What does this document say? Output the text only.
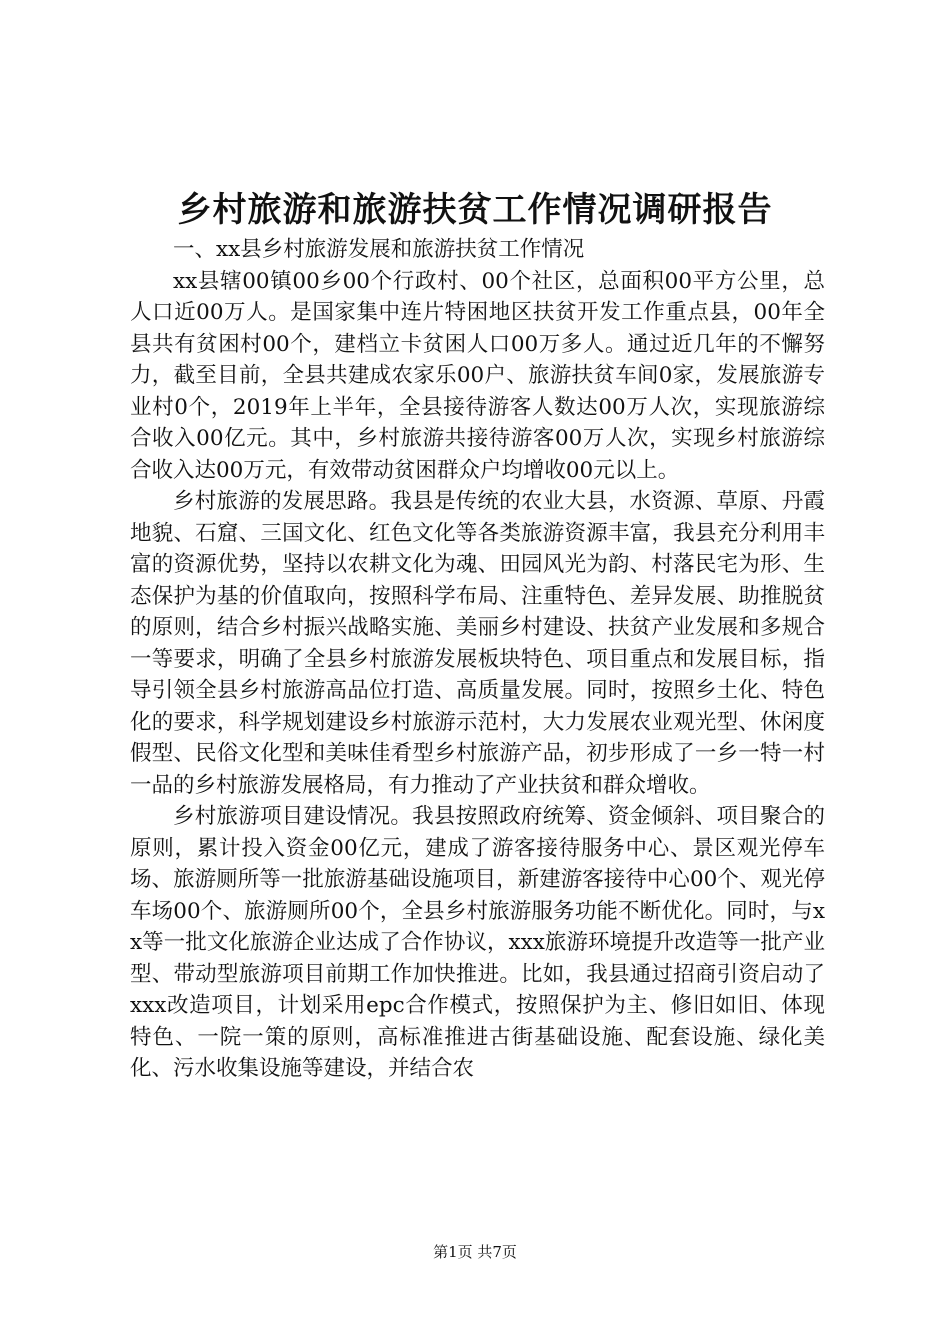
乡村旅游和旅游扶贫工作情况调研报告

一、xx县乡村旅游发展和旅游扶贫工作情况

xx县辖00镇00乡00个行政村、00个社区，总面积00平方公里，总人口近00万人。是国家集中连片特困地区扶贫开发工作重点县，00年全县共有贫困村00个，建档立卡贫困人口00万多人。通过近几年的不懈努力，截至目前，全县共建成农家乐00户、旅游扶贫车间0家，发展旅游专业村0个，2019年上半年，全县接待游客人数达00万人次，实现旅游综合收入00亿元。其中，乡村旅游共接待游客00万人次，实现乡村旅游综合收入达00万元，有效带动贫困群众户均增收00元以上。

乡村旅游的发展思路。我县是传统的农业大县，水资源、草原、丹霞地貌、石窟、三国文化、红色文化等各类旅游资源丰富，我县充分利用丰富的资源优势，坚持以农耕文化为魂、田园风光为韵、村落民宅为形、生态保护为基的价值取向，按照科学布局、注重特色、差异发展、助推脱贫的原则，结合乡村振兴战略实施、美丽乡村建设、扶贫产业发展和多规合一等要求，明确了全县乡村旅游发展板块特色、项目重点和发展目标，指导引领全县乡村旅游高品位打造、高质量发展。同时，按照乡土化、特色化的要求，科学规划建设乡村旅游示范村，大力发展农业观光型、休闲度假型、民俗文化型和美味佳肴型乡村旅游产品，初步形成了一乡一特一村一品的乡村旅游发展格局，有力推动了产业扶贫和群众增收。

乡村旅游项目建设情况。我县按照政府统筹、资金倾斜、项目聚合的原则，累计投入资金00亿元，建成了游客接待服务中心、景区观光停车场、旅游厕所等一批旅游基础设施项目，新建游客接待中心00个、观光停车场00个、旅游厕所00个，全县乡村旅游服务功能不断优化。同时，与xx等一批文化旅游企业达成了合作协议，xxx旅游环境提升改造等一批产业型、带动型旅游项目前期工作加快推进。比如，我县通过招商引资启动了xxx改造项目，计划采用epc合作模式，按照保护为主、修旧如旧、体现特色、一院一策的原则，高标准推进古街基础设施、配套设施、绿化美化、污水收集设施等建设，并结合农

第1页 共7页
